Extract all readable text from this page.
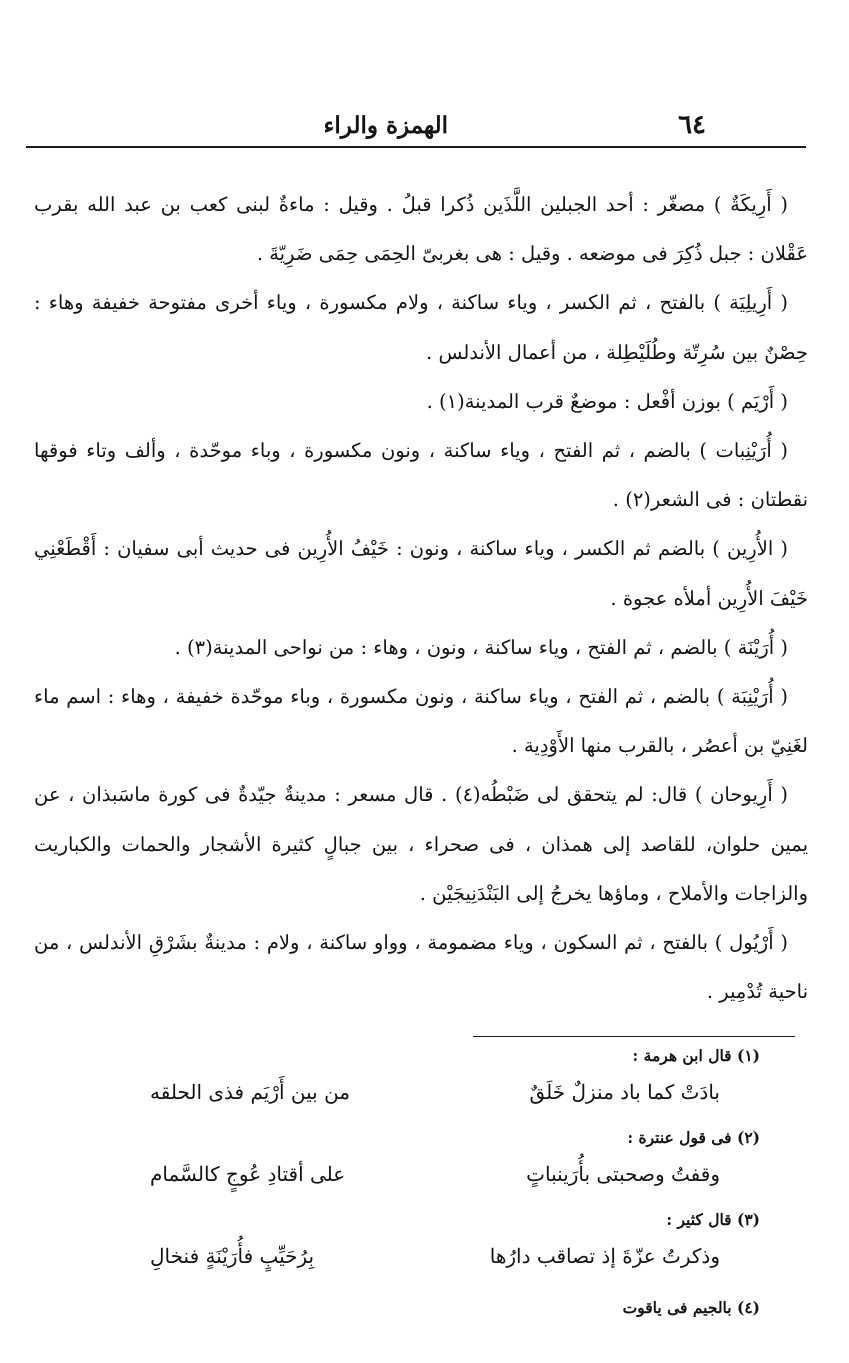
٦٤
الهمزة والراء

( أَرِيكَةٌ ) مصغّر : أحد الجبلين اللَّذَين ذُكرا قبلُ . وقيل : ماءةٌ لبنى كعب بن عبد الله بقرب عَقْلان : جبل ذُكِرَ فى موضعه . وقيل : هى بغربىّ الحِمَى حِمَى ضَرِيّةَ .

( أَرِيلِيَة ) بالفتح ، ثم الكسر ، وياء ساكنة ، ولام مكسورة ، وياء أخرى مفتوحة خفيفة وهاء : حِصْنٌ بين سُرِتّة وطُلَيْطِلة ، من أعمال الأندلس .

( أَرْيَم ) بوزن أفْعل : موضعٌ قرب المدينة(١) .

( أُرَيْنِبات ) بالضم ، ثم الفتح ، وياء ساكنة ، ونون مكسورة ، وباء موحّدة ، وألف وتاء فوقها نقطتان : فى الشعر(٢) .

( الأُرِين ) بالضم ثم الكسر ، وياء ساكنة ، ونون : خَيْفُ الأُرِين فى حديث أبى سفيان : أَقْطَعْنِي خَيْفَ الأُرِين أملأه عجوة .

( أُرَيْنَة ) بالضم ، ثم الفتح ، وياء ساكنة ، ونون ، وهاء : من نواحى المدينة(٣) .

( أُرَيْنِبَة ) بالضم ، ثم الفتح ، وياء ساكنة ، ونون مكسورة ، وباء موحّدة خفيفة ، وهاء : اسم ماء لغَنِيّ بن أعصُر ، بالقرب منها الأَوْدِية .

( أَرِيوحان ) قال: لم يتحقق لى ضَبْطُه(٤) . قال مسعر : مدينةٌ جيّدةٌ فى كورة ماسَبذان ، عن يمين حلوان، للقاصد إلى همذان ، فى صحراء ، بين جبالٍ كثيرة الأشجار والحمات والكباريت والزاجات والأملاح ، وماؤها يخرجُ إلى البَنْدَنِيجَيْن .

( أَرْيُول ) بالفتح ، ثم السكون ، وياء مضمومة ، وواو ساكنة ، ولام : مدينةٌ بشَرْقِ الأندلس ، من ناحية تُدْمِير .

(١) قال ابن هرمة :
بادَتْ كما باد منزلٌ خَلَقٌ
من بين أَرْيَم فذى الحلقه
(٢) فى قول عنترة :
وقفتُ وصحبتى بأُرَينباتٍ
على أقتادِ عُوجٍ كالسَّمام
(٣) قال كثير :
وذكرتُ عزّةَ إذ تصاقب دارُها
بِرُحَيِّبٍ فأُرَيْنَةٍ فنخالِ
(٤) بالجيم فى ياقوت
